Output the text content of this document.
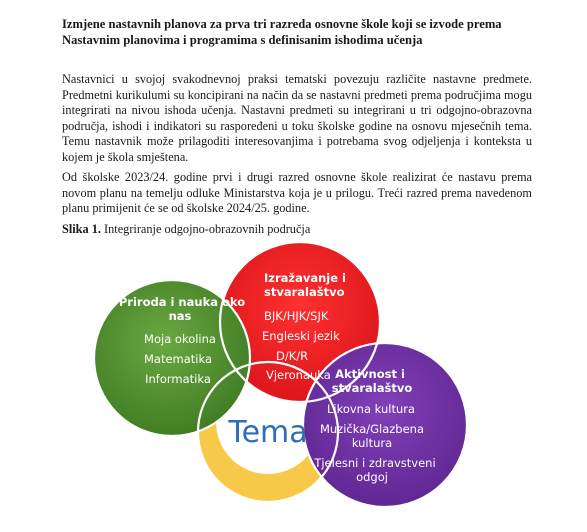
Izmjene nastavnih planova za prva tri razreda osnovne škole koji se izvode prema
Nastavnim planovima i programima s definisanim ishodima učenja

Nastavnici u svojoj svakodnevnoj praksi tematski povezuju različite nastavne predmete. Predmetni kurikulumi su koncipirani na način da se nastavni predmeti prema područjima mogu integrirati na nivou ishoda učenja. Nastavni predmeti su integrirani u tri odgojno-obrazovna područja, ishodi i indikatori su raspoređeni u toku školske godine na osnovu mjesečnih tema. Temu nastavnik može prilagoditi interesovanjima i potrebama svog odjeljenja i konteksta u kojem je škola smještena.

Od školske 2023/24. godine prvi i drugi razred osnovne škole realizirat će nastavu prema novom planu na temelju odluke Ministarstva koja je u prilogu. Treći razred prema navedenom planu primijenit će se od školske 2024/25. godine.

Slika 1. Integriranje odgojno-obrazovnih područja
Tema
Priroda i nauka oko
nas
Moja okolina
Matematika
Informatika
Izražavanje i
stvaralaštvo
BJK/HJK/SJK
Engleski jezik
D/K/R
Vjeronauka Aktivnost i
stvaralaštvo
Likovna kultura
Muzička/Glazbena
kultura
Tjelesni i zdravstveni
odgoj
